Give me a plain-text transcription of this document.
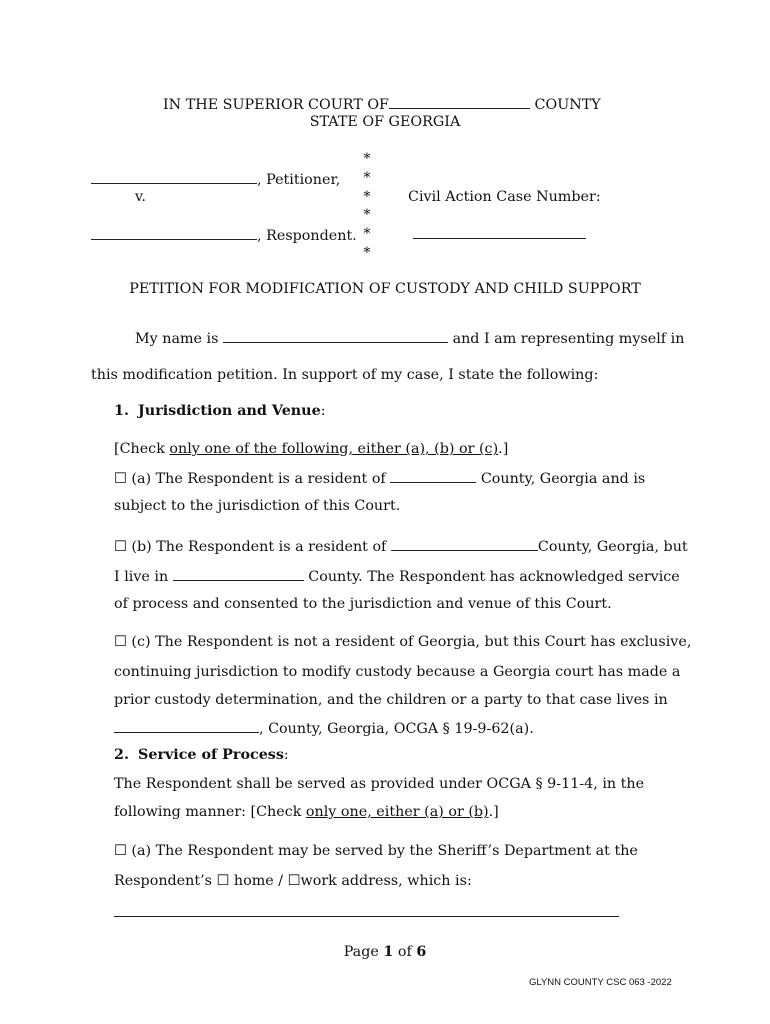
IN THE SUPERIOR COURT OF	COUNTY
STATE OF GEORGIA
*
*
*
*
*
*
, Petitioner,
v.
, Respondent.
Civil Action Case Number:
PETITION FOR MODIFICATION OF CUSTODY AND CHILD SUPPORT
My name is	and I am representing myself in
this modification petition. In support of my case, I state the following:
1. Jurisdiction and Venue:
[Check only one of the following, either (a), (b) or (c).]
☐ (a) The Respondent is a resident of	County, Georgia and is
subject to the jurisdiction of this Court.
☐ (b) The Respondent is a resident of	County, Georgia, but
I live in	County. The Respondent has acknowledged service
of process and consented to the jurisdiction and venue of this Court.
☐ (c) The Respondent is not a resident of Georgia, but this Court has exclusive,
continuing jurisdiction to modify custody because a Georgia court has made a
prior custody determination, and the children or a party to that case lives in
, County, Georgia, OCGA § 19-9-62(a).
2. Service of Process:
The Respondent shall be served as provided under OCGA § 9-11-4, in the
following manner: [Check only one, either (a) or (b).]
☐ (a) The Respondent may be served by the Sheriff’s Department at the
Respondent’s ☐ home / ☐work address, which is:
Page 1 of 6
GLYNN COUNTY CSC 063 -2022
